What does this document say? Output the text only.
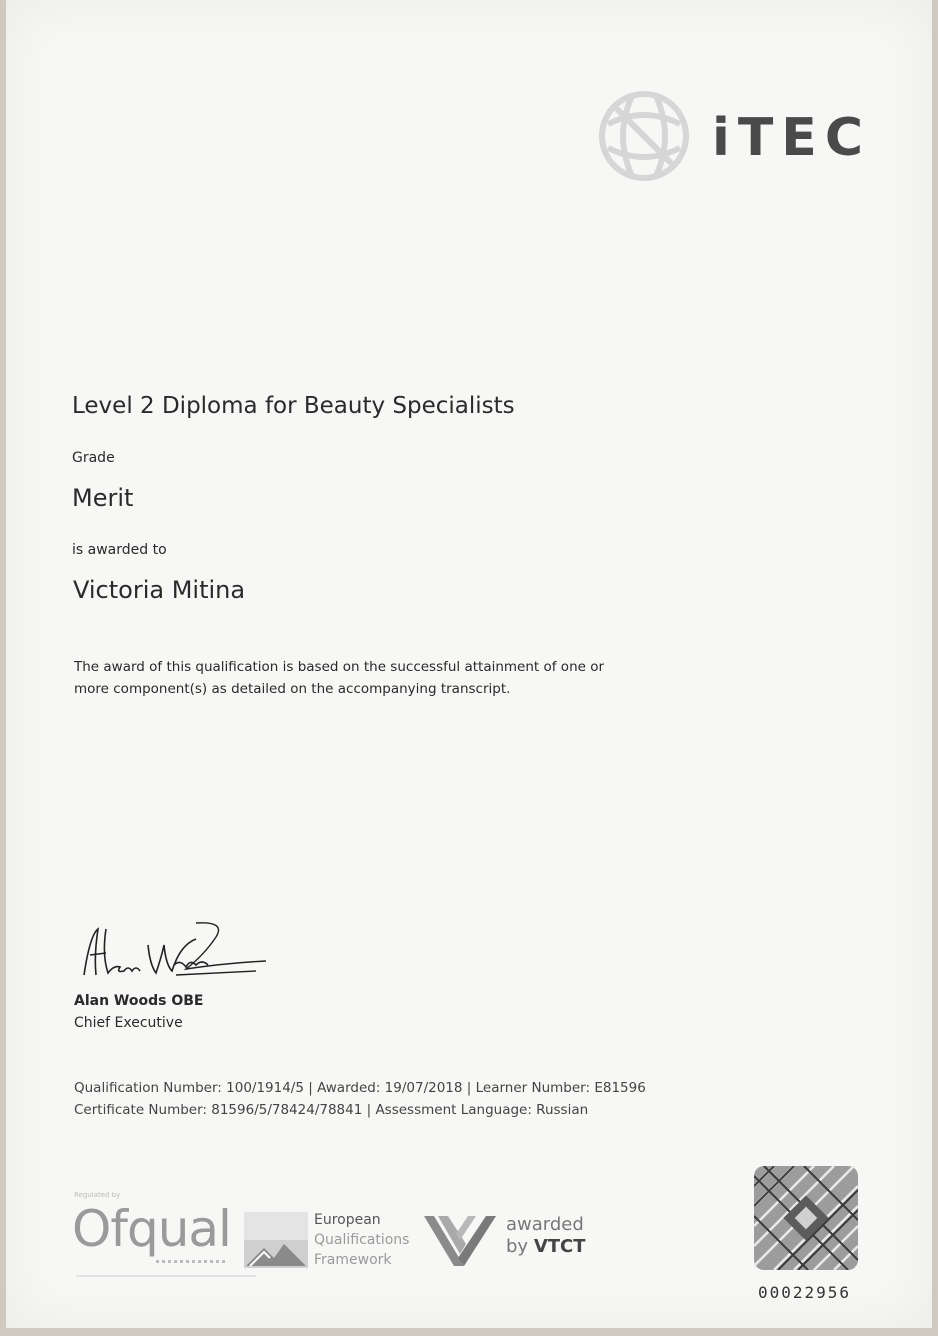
iTEC
Level 2 Diploma for Beauty Specialists
Grade
Merit
is awarded to
Victoria Mitina
The award of this qualification is based on the successful attainment of one or
more component(s) as detailed on the accompanying transcript.
Alan Woods OBE
Chief Executive
Qualification Number: 100/1914/5 | Awarded: 19/07/2018 | Learner Number: E81596
Certificate Number: 81596/5/78424/78841 | Assessment Language: Russian
Regulated by
Ofqual	European
Qualifications
Framework
awarded
by VTCT
00022956
